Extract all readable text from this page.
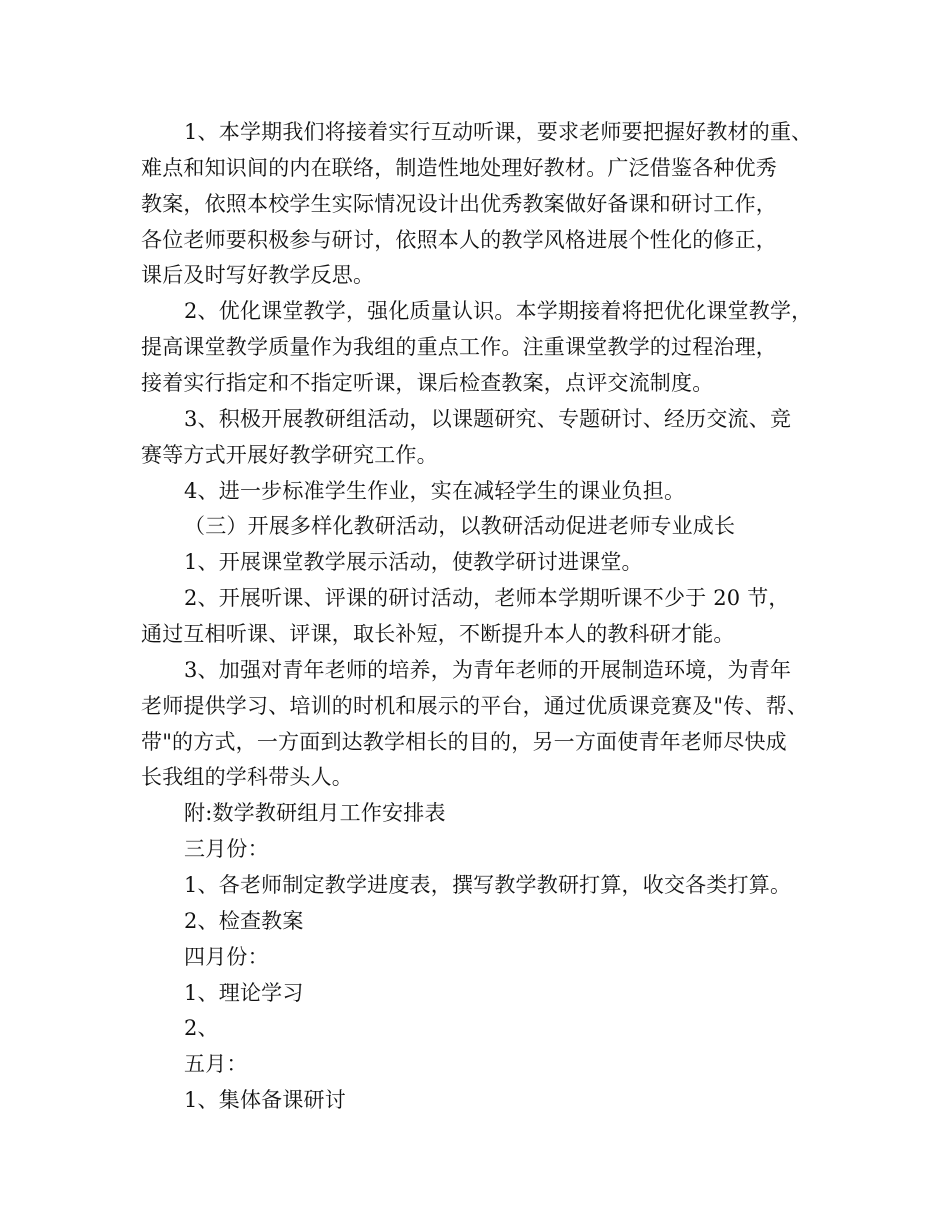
1、本学期我们将接着实行互动听课，要求老师要把握好教材的重、
难点和知识间的内在联络，制造性地处理好教材。广泛借鉴各种优秀
教案，依照本校学生实际情况设计出优秀教案做好备课和研讨工作，
各位老师要积极参与研讨，依照本人的教学风格进展个性化的修正，
课后及时写好教学反思。
2、优化课堂教学，强化质量认识。本学期接着将把优化课堂教学，
提高课堂教学质量作为我组的重点工作。注重课堂教学的过程治理，
接着实行指定和不指定听课，课后检查教案，点评交流制度。
3、积极开展教研组活动，以课题研究、专题研讨、经历交流、竞
赛等方式开展好教学研究工作。
4、进一步标准学生作业，实在减轻学生的课业负担。
（三）开展多样化教研活动，以教研活动促进老师专业成长
1、开展课堂教学展示活动，使教学研讨进课堂。
2、开展听课、评课的研讨活动，老师本学期听课不少于 20 节，
通过互相听课、评课，取长补短，不断提升本人的教科研才能。
3、加强对青年老师的培养，为青年老师的开展制造环境，为青年
老师提供学习、培训的时机和展示的平台，通过优质课竞赛及"传、帮、
带"的方式，一方面到达教学相长的目的，另一方面使青年老师尽快成
长我组的学科带头人。
附:数学教研组月工作安排表
三月份：
1、各老师制定教学进度表，撰写教学教研打算，收交各类打算。
2、检查教案
四月份：
1、理论学习
2、
五月：
1、集体备课研讨
